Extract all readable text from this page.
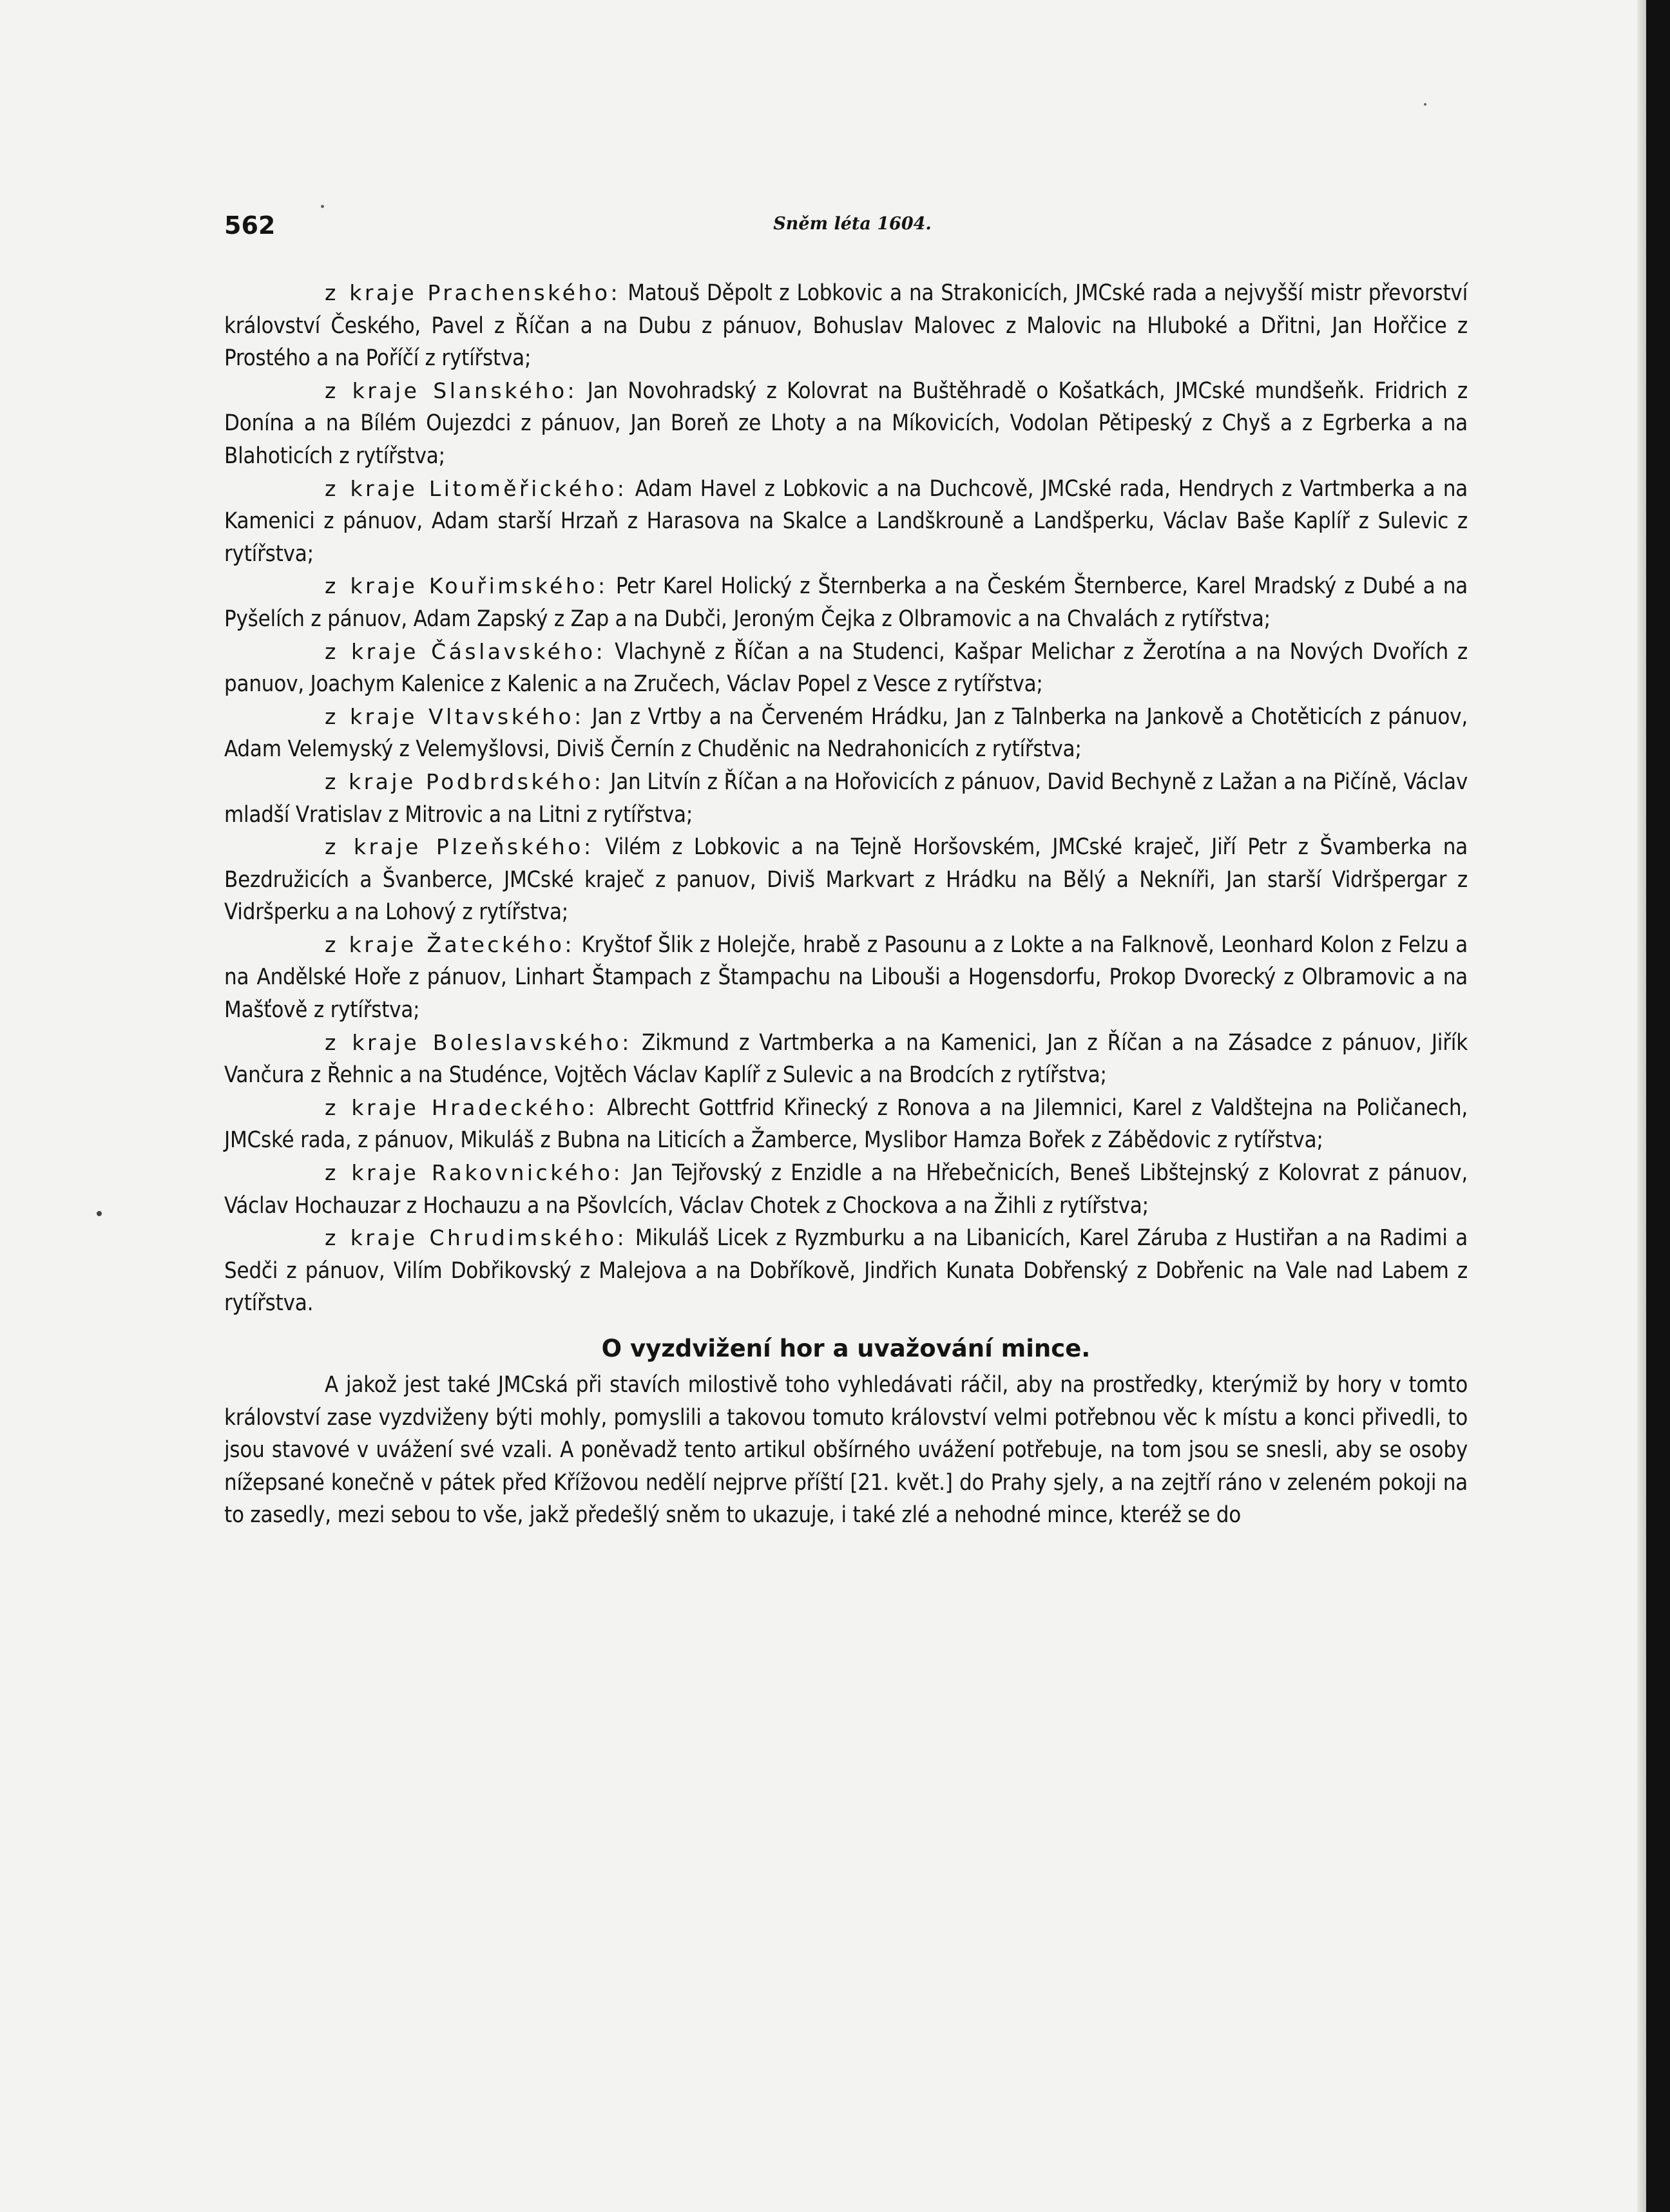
562	Sněm léta 1604.

z kraje Prachenského: Matouš Děpolt z Lobkovic a na Strakonicích, JMCské rada a nejvyšší mistr převorství království Českého, Pavel z Říčan a na Dubu z pánuov, Bohuslav Malovec z Malovic na Hluboké a Dřitni, Jan Hořčice z Prostého a na Poříčí z rytířstva;

z kraje Slanského: Jan Novohradský z Kolovrat na Buštěhradě o Košatkách, JMCské mundšeňk. Fridrich z Donína a na Bílém Oujezdci z pánuov, Jan Boreň ze Lhoty a na Míkovicích, Vodolan Pětipeský z Chyš a z Egrberka a na Blahoticích z rytířstva;

z kraje Litoměřického: Adam Havel z Lobkovic a na Duchcově, JMCské rada, Hendrych z Vartmberka a na Kamenici z pánuov, Adam starší Hrzaň z Harasova na Skalce a Landškrouně a Landšperku, Václav Baše Kaplíř z Sulevic z rytířstva;

z kraje Kouřimského: Petr Karel Holický z Šternberka a na Českém Šternberce, Karel Mradský z Dubé a na Pyšelích z pánuov, Adam Zapský z Zap a na Dubči, Jeroným Čejka z Olbramovic a na Chvalách z rytířstva;

z kraje Čáslavského: Vlachyně z Říčan a na Studenci, Kašpar Melichar z Žerotína a na Nových Dvořích z panuov, Joachym Kalenice z Kalenic a na Zručech, Václav Popel z Vesce z rytířstva;

z kraje Vltavského: Jan z Vrtby a na Červeném Hrádku, Jan z Talnberka na Jankově a Chotěticích z pánuov, Adam Velemyský z Velemyšlovsi, Diviš Černín z Chuděnic na Nedrahonicích z rytířstva;

z kraje Podbrdského: Jan Litvín z Říčan a na Hořovicích z pánuov, David Bechyně z Lažan a na Pičíně, Václav mladší Vratislav z Mitrovic a na Litni z rytířstva;

z kraje Plzeňského: Vilém z Lobkovic a na Tejně Horšovském, JMCské kraječ, Jiří Petr z Švamberka na Bezdružicích a Švanberce, JMCské kraječ z panuov, Diviš Markvart z Hrádku na Bělý a Nekníři, Jan starší Vidršpergar z Vidršperku a na Lohový z rytířstva;

z kraje Žateckého: Kryštof Šlik z Holejče, hrabě z Pasounu a z Lokte a na Falknově, Leonhard Kolon z Felzu a na Andělské Hoře z pánuov, Linhart Štampach z Štampachu na Libouši a Hogensdorfu, Prokop Dvorecký z Olbramovic a na Mašťově z rytířstva;

z kraje Boleslavského: Zikmund z Vartmberka a na Kamenici, Jan z Říčan a na Zásadce z pánuov, Jiřík Vančura z Řehnic a na Studénce, Vojtěch Václav Kaplíř z Sulevic a na Brodcích z rytířstva;

z kraje Hradeckého: Albrecht Gottfrid Křinecký z Ronova a na Jilemnici, Karel z Valdštejna na Poličanech, JMCské rada, z pánuov, Mikuláš z Bubna na Liticích a Žamberce, Myslibor Hamza Bořek z Zábědovic z rytířstva;

z kraje Rakovnického: Jan Tejřovský z Enzidle a na Hřebečnicích, Beneš Libštejnský z Kolovrat z pánuov, Václav Hochauzar z Hochauzu a na Pšovlcích, Václav Chotek z Chockova a na Žihli z rytířstva;

z kraje Chrudimského: Mikuláš Licek z Ryzmburku a na Libanicích, Karel Záruba z Hustiřan a na Radimi a Sedči z pánuov, Vilím Dobřikovský z Malejova a na Dobříkově, Jindřich Kunata Dobřenský z Dobřenic na Vale nad Labem z rytířstva.

O vyzdvižení hor a uvažování mince.

A jakož jest také JMCská při stavích milostivě toho vyhledávati ráčil, aby na prostředky, kterýmiž by hory v tomto království zase vyzdviženy býti mohly, pomyslili a takovou tomuto království velmi potřebnou věc k místu a konci přivedli, to jsou stavové v uvážení své vzali. A poněvadž tento artikul obšírného uvážení potřebuje, na tom jsou se snesli, aby se osoby nížepsané konečně v pátek před Křížovou nedělí nejprve příští [21. květ.] do Prahy sjely, a na zejtří ráno v zeleném pokoji na to zasedly, mezi sebou to vše, jakž předešlý sněm to ukazuje, i také zlé a nehodné mince, kteréž se do
